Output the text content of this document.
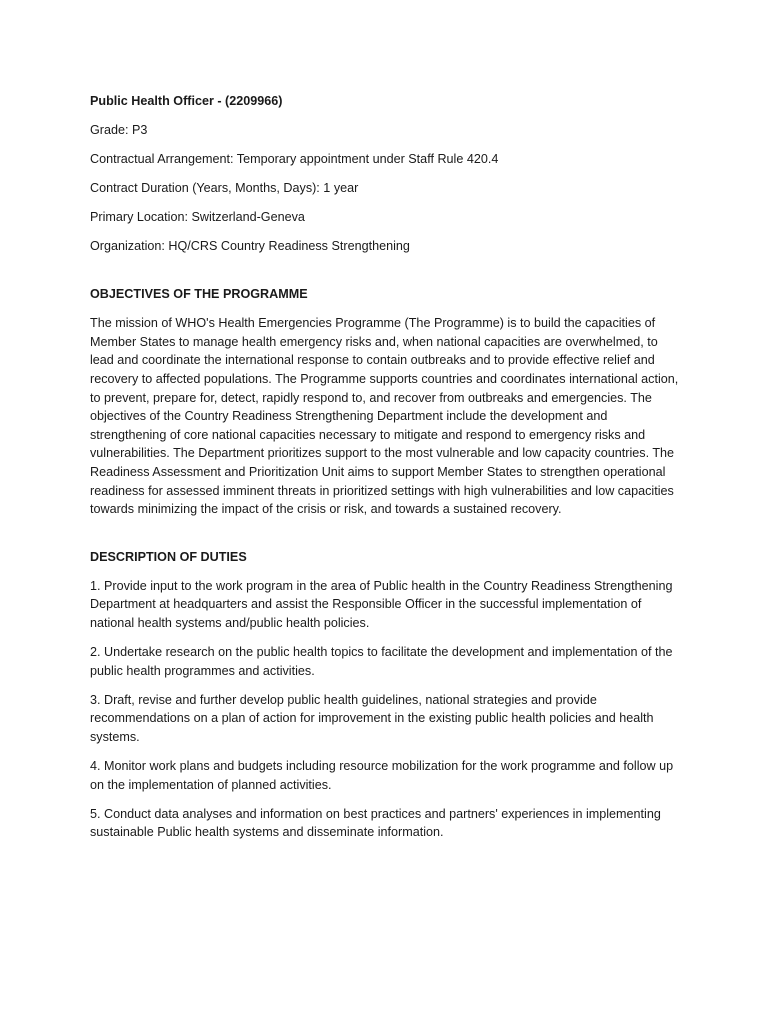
Public Health Officer - (2209966)

Grade: P3

Contractual Arrangement: Temporary appointment under Staff Rule 420.4

Contract Duration (Years, Months, Days): 1 year

Primary Location: Switzerland-Geneva

Organization: HQ/CRS Country Readiness Strengthening

OBJECTIVES OF THE PROGRAMME

The mission of WHO's Health Emergencies Programme (The Programme) is to build the capacities of Member States to manage health emergency risks and, when national capacities are overwhelmed, to lead and coordinate the international response to contain outbreaks and to provide effective relief and recovery to affected populations. The Programme supports countries and coordinates international action, to prevent, prepare for, detect, rapidly respond to, and recover from outbreaks and emergencies. The objectives of the Country Readiness Strengthening Department include the development and strengthening of core national capacities necessary to mitigate and respond to emergency risks and vulnerabilities. The Department prioritizes support to the most vulnerable and low capacity countries. The Readiness Assessment and Prioritization Unit aims to support Member States to strengthen operational readiness for assessed imminent threats in prioritized settings with high vulnerabilities and low capacities towards minimizing the impact of the crisis or risk, and towards a sustained recovery.

DESCRIPTION OF DUTIES

1. Provide input to the work program in the area of Public health in the Country Readiness Strengthening Department at headquarters and assist the Responsible Officer in the successful implementation of national health systems and/public health policies.

2. Undertake research on the public health topics to facilitate the development and implementation of the public health programmes and activities.

3. Draft, revise and further develop public health guidelines, national strategies and provide recommendations on a plan of action for improvement in the existing public health policies and health systems.

4. Monitor work plans and budgets including resource mobilization for the work programme and follow up on the implementation of planned activities.

5. Conduct data analyses and information on best practices and partners' experiences in implementing sustainable Public health systems and disseminate information.
